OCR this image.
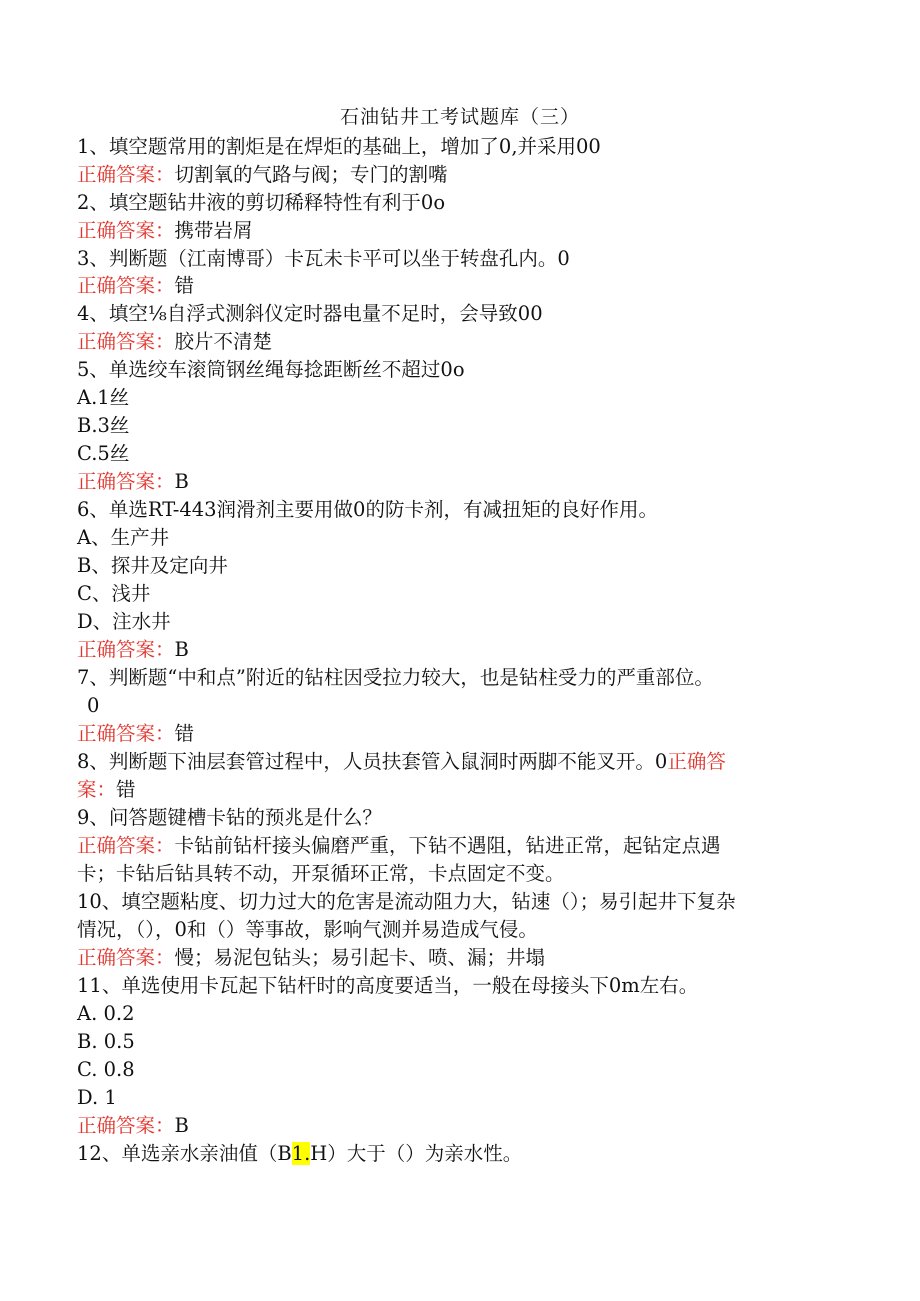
石油钻井工考试题库（三）
1、填空题常用的割炬是在焊炬的基础上，增加了0,并采用00
正确答案：切割氧的气路与阀；专门的割嘴
2、填空题钻井液的剪切稀释特性有利于0o
正确答案：携带岩屑
3、判断题（江南博哥）卡瓦未卡平可以坐于转盘孔内。0
正确答案：错
4、填空⅛自浮式测斜仪定时器电量不足时，会导致00
正确答案：胶片不清楚
5、单选绞车滚筒钢丝绳每捻距断丝不超过0o
A.1丝
B.3丝
C.5丝
正确答案：B
6、单选RT-443润滑剂主要用做0的防卡剂，有减扭矩的良好作用。
A、生产井
B、探井及定向井
C、浅井
D、注水井
正确答案：B
7、判断题“中和点”附近的钻柱因受拉力较大，也是钻柱受力的严重部位。
0
正确答案：错
8、判断题下油层套管过程中，人员扶套管入鼠洞时两脚不能叉开。0正确答
案：错
9、问答题键槽卡钻的预兆是什么？
正确答案：卡钻前钻杆接头偏磨严重，下钻不遇阻，钻进正常，起钻定点遇
卡；卡钻后钻具转不动，开泵循环正常，卡点固定不变。
10、填空题粘度、切力过大的危害是流动阻力大，钻速（）；易引起井下复杂
情况，（），0和（）等事故，影响气测并易造成气侵。
正确答案：慢；易泥包钻头；易引起卡、喷、漏；井塌
11、单选使用卡瓦起下钻杆时的高度要适当，一般在母接头下0m左右。
A. 0.2
B. 0.5
C. 0.8
D. 1
正确答案：B
12、单选亲水亲油值（B1.H）大于（）为亲水性。
